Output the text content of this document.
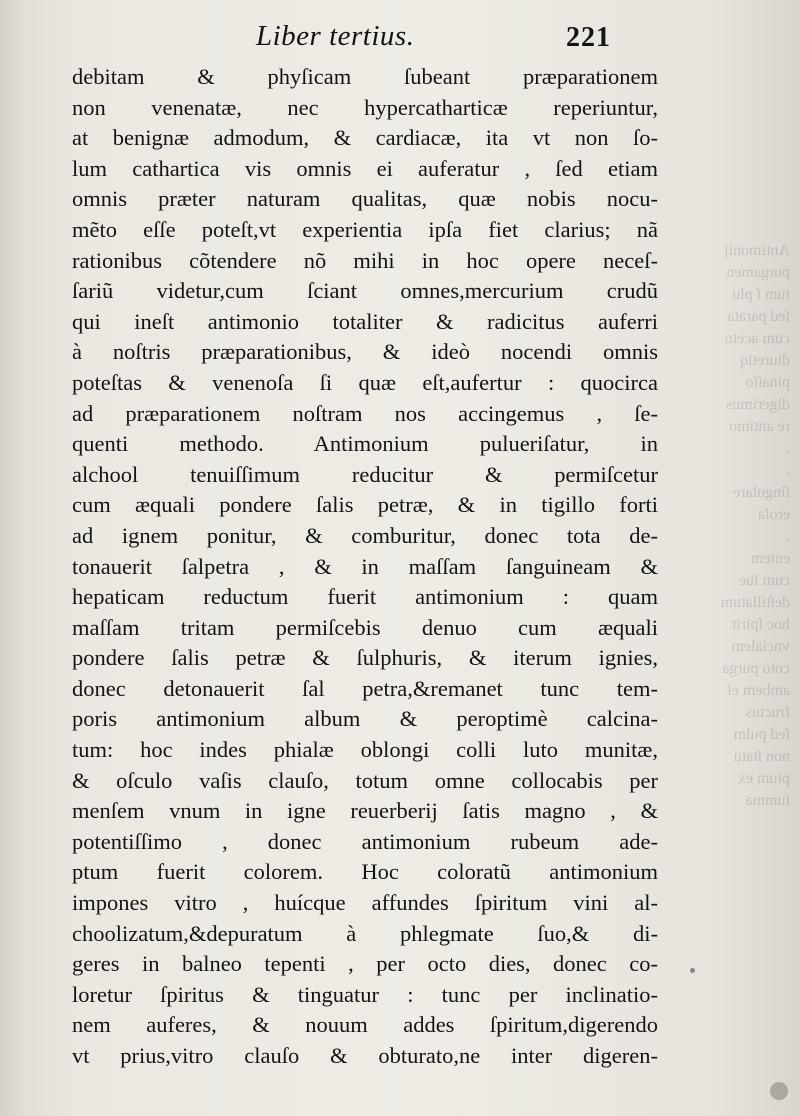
Antimonij
purgamen
tum ſ plu
ſed parata
cum aceto
diuretiq
pinaſſo
digerimus
re antimo
.
.
ſingulare
eroſa
.
entem
cum ſue
deſtillatum
hoc ſpirit
vncialem
coto purga
ambem eſ
fructus
ſed pulm
non ſtatu
pium ex
ſumma
Liber tertius.	221
debitam & phyſicam ſubeant præparationem
non venenatæ, nec hypercatharticæ reperiuntur,
at benignæ admodum, & cardiacæ, ita vt non ſo-
lum cathartica vis omnis ei auferatur , ſed etiam
omnis præter naturam qualitas, quæ nobis nocu-
mẽto eſſe poteſt,vt experientia ipſa fiet clarius; nã
rationibus cõtendere nõ mihi in hoc opere neceſ-
ſariũ videtur,cum ſciant omnes,mercurium crudũ
qui ineſt antimonio totaliter & radicitus auferri
à noſtris præparationibus, & ideò nocendi omnis
poteſtas & venenoſa ſi quæ eſt,aufertur : quocirca
ad præparationem noſtram nos accingemus , ſe-
quenti methodo. Antimonium pulueriſatur, in
alchool tenuiſſimum reducitur & permiſcetur
cum æquali pondere ſalis petræ, & in tigillo forti
ad ignem ponitur, & comburitur, donec tota de-
tonauerit ſalpetra , & in maſſam ſanguineam &
hepaticam reductum fuerit antimonium : quam
maſſam tritam permiſcebis denuo cum æquali
pondere ſalis petræ & ſulphuris, & iterum ignies,
donec detonauerit ſal petra,&remanet tunc tem-
poris antimonium album & peroptimè calcina-
tum: hoc indes phialæ oblongi colli luto munitæ,
& oſculo vaſis clauſo, totum omne collocabis per
menſem vnum in igne reuerberij ſatis magno , &
potentiſſimo , donec antimonium rubeum ade-
ptum fuerit colorem. Hoc coloratũ antimonium
impones vitro , huícque affundes ſpiritum vini al-
choolizatum,&depuratum à phlegmate ſuo,& di-
geres in balneo tepenti , per octo dies, donec co-
loretur ſpiritus & tinguatur : tunc per inclinatio-
nem auferes, & nouum addes ſpiritum,digerendo
vt prius,vitro clauſo & obturato,ne inter digeren-
